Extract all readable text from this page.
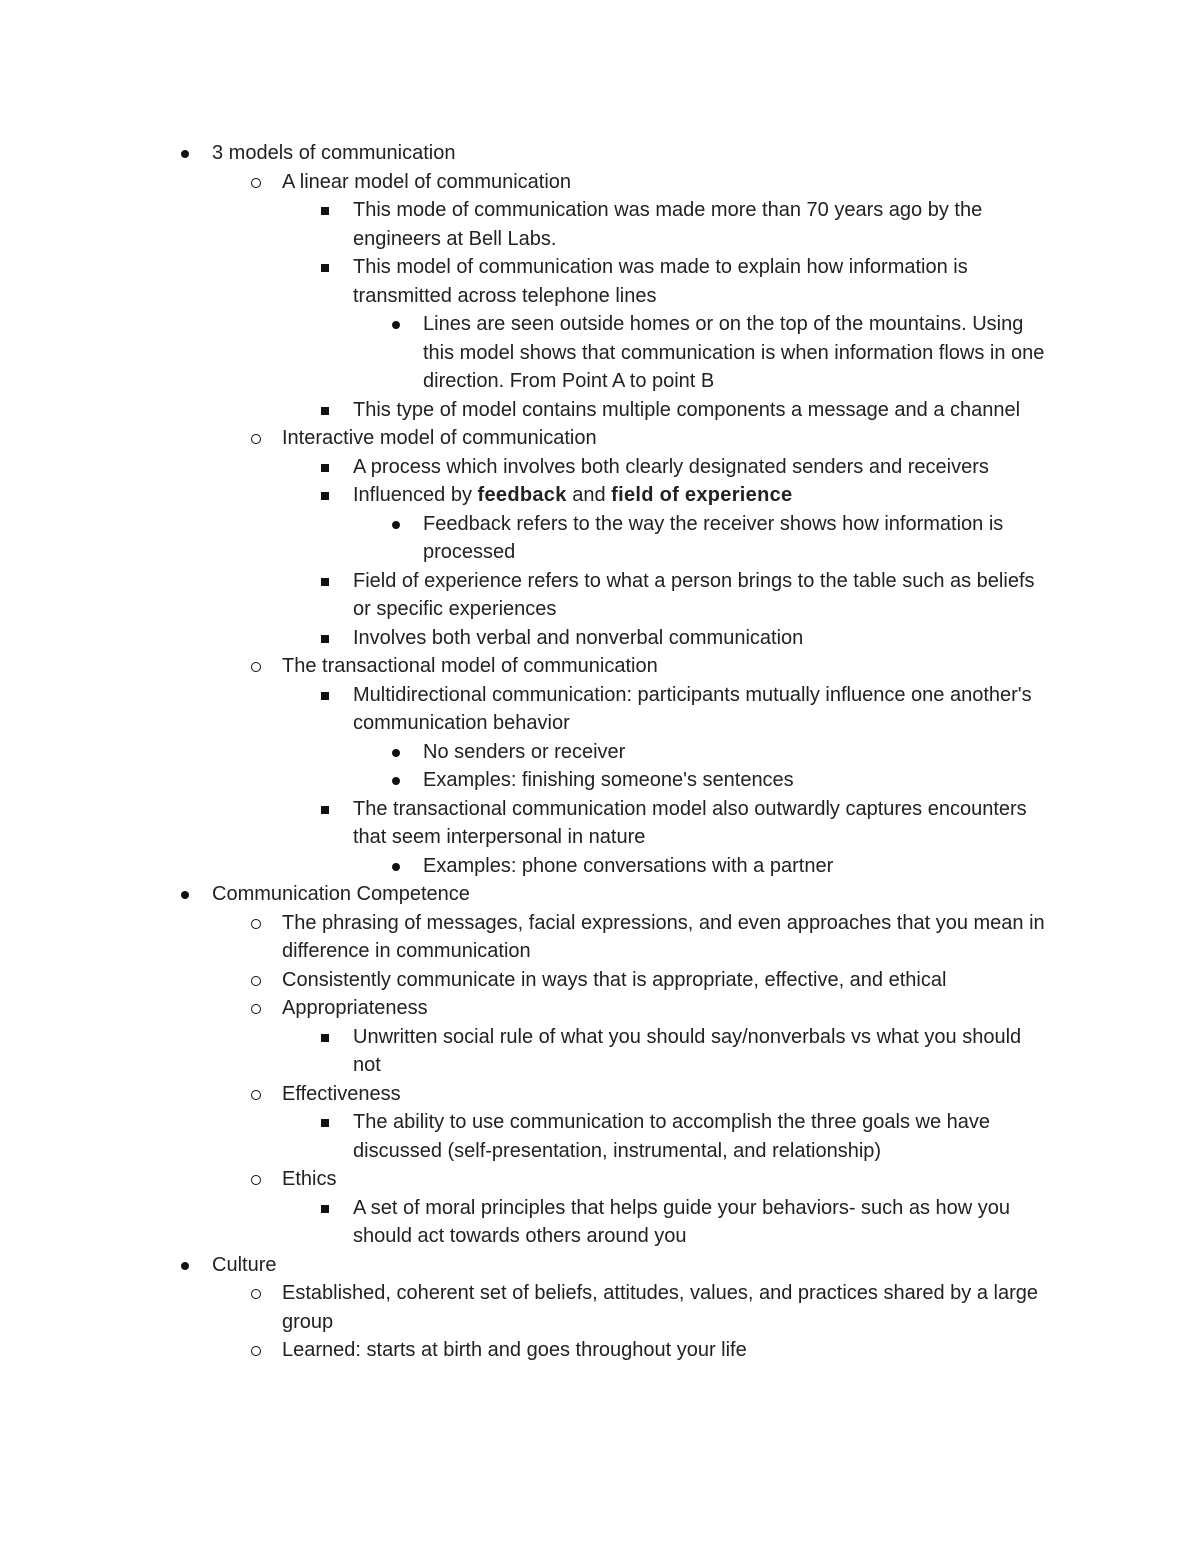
3 models of communication
A linear model of communication
This mode of communication was made more than 70 years ago by the engineers at Bell Labs.
This model of communication was made to explain how information is transmitted across telephone lines
Lines are seen outside homes or on the top of the mountains. Using this model shows that communication is when information flows in one direction. From Point A to point B
This type of model contains multiple components a message and a channel
Interactive model of communication
A process which involves both clearly designated senders and receivers
Influenced by feedback and field of experience
Feedback refers to the way the receiver shows how information is processed
Field of experience refers to what a person brings to the table such as beliefs or specific experiences
Involves both verbal and nonverbal communication
The transactional model of communication
Multidirectional communication: participants mutually influence one another's communication behavior
No senders or receiver
Examples: finishing someone's sentences
The transactional communication model also outwardly captures encounters that seem interpersonal in nature
Examples: phone conversations with a partner
Communication Competence
The phrasing of messages, facial expressions, and even approaches that you mean in difference in communication
Consistently communicate in ways that is appropriate, effective, and ethical
Appropriateness
Unwritten social rule of what you should say/nonverbals vs what you should not
Effectiveness
The ability to use communication to accomplish the three goals we have discussed (self-presentation, instrumental, and relationship)
Ethics
A set of moral principles that helps guide your behaviors- such as how you should act towards others around you
Culture
Established, coherent set of beliefs, attitudes, values, and practices shared by a large group
Learned: starts at birth and goes throughout your life
